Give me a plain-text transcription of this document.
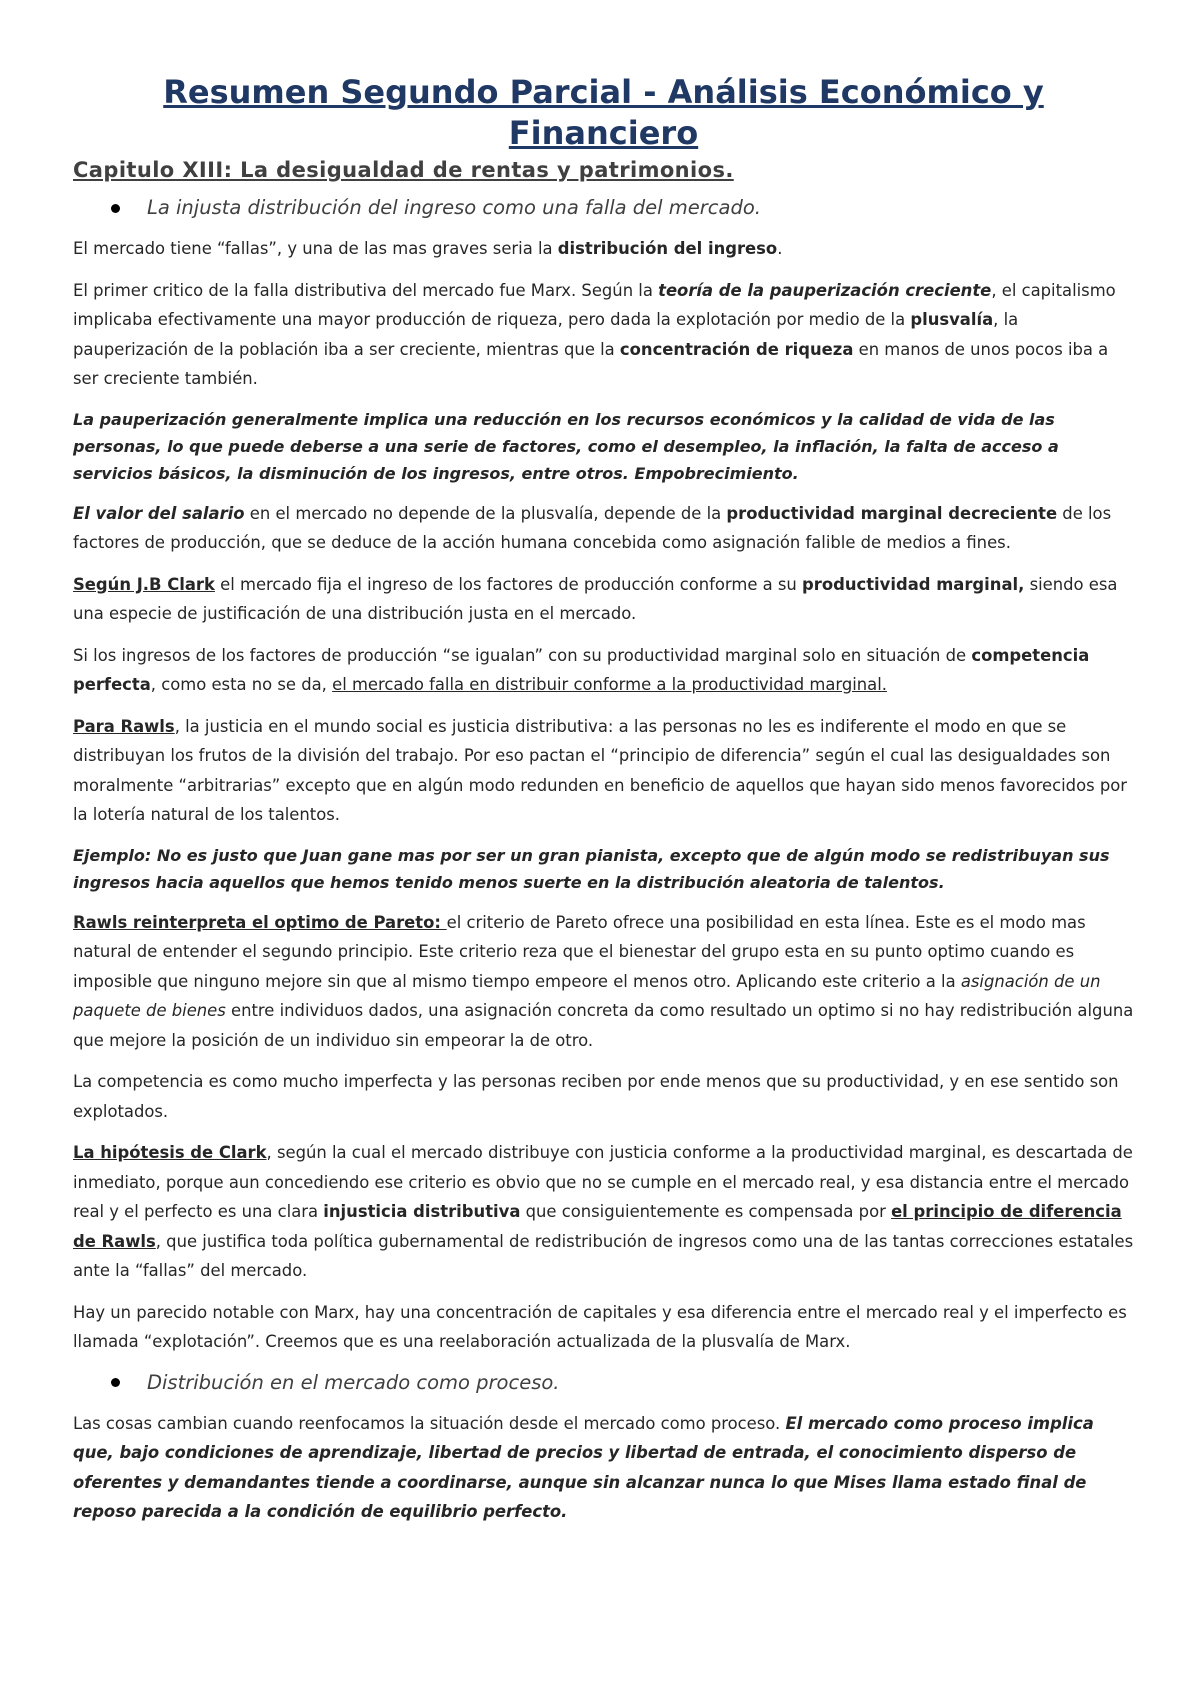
Resumen Segundo Parcial - Análisis Económico y Financiero
Capitulo XIII: La desigualdad de rentas y patrimonios.
La injusta distribución del ingreso como una falla del mercado.

El mercado tiene “fallas”, y una de las mas graves seria la distribución del ingreso.

El primer critico de la falla distributiva del mercado fue Marx. Según la teoría de la pauperización creciente, el capitalismo implicaba efectivamente una mayor producción de riqueza, pero dada la explotación por medio de la plusvalía, la pauperización de la población iba a ser creciente, mientras que la concentración de riqueza en manos de unos pocos iba a ser creciente también.

La pauperización generalmente implica una reducción en los recursos económicos y la calidad de vida de las personas, lo que puede deberse a una serie de factores, como el desempleo, la inflación, la falta de acceso a servicios básicos, la disminución de los ingresos, entre otros. Empobrecimiento.

El valor del salario en el mercado no depende de la plusvalía, depende de la productividad marginal decreciente de los factores de producción, que se deduce de la acción humana concebida como asignación falible de medios a fines.

Según J.B Clark el mercado fija el ingreso de los factores de producción conforme a su productividad marginal, siendo esa una especie de justificación de una distribución justa en el mercado.

Si los ingresos de los factores de producción “se igualan” con su productividad marginal solo en situación de competencia perfecta, como esta no se da, el mercado falla en distribuir conforme a la productividad marginal.

Para Rawls, la justicia en el mundo social es justicia distributiva: a las personas no les es indiferente el modo en que se distribuyan los frutos de la división del trabajo. Por eso pactan el “principio de diferencia” según el cual las desigualdades son moralmente “arbitrarias” excepto que en algún modo redunden en beneficio de aquellos que hayan sido menos favorecidos por la lotería natural de los talentos.

Ejemplo: No es justo que Juan gane mas por ser un gran pianista, excepto que de algún modo se redistribuyan sus ingresos hacia aquellos que hemos tenido menos suerte en la distribución aleatoria de talentos.

Rawls reinterpreta el optimo de Pareto: el criterio de Pareto ofrece una posibilidad en esta línea. Este es el modo mas natural de entender el segundo principio. Este criterio reza que el bienestar del grupo esta en su punto optimo cuando es imposible que ninguno mejore sin que al mismo tiempo empeore el menos otro. Aplicando este criterio a la asignación de un paquete de bienes entre individuos dados, una asignación concreta da como resultado un optimo si no hay redistribución alguna que mejore la posición de un individuo sin empeorar la de otro.

La competencia es como mucho imperfecta y las personas reciben por ende menos que su productividad, y en ese sentido son explotados.

La hipótesis de Clark, según la cual el mercado distribuye con justicia conforme a la productividad marginal, es descartada de inmediato, porque aun concediendo ese criterio es obvio que no se cumple en el mercado real, y esa distancia entre el mercado real y el perfecto es una clara injusticia distributiva que consiguientemente es compensada por el principio de diferencia de Rawls, que justifica toda política gubernamental de redistribución de ingresos como una de las tantas correcciones estatales ante la “fallas” del mercado.

Hay un parecido notable con Marx, hay una concentración de capitales y esa diferencia entre el mercado real y el imperfecto es llamada “explotación”. Creemos que es una reelaboración actualizada de la plusvalía de Marx.

Distribución en el mercado como proceso.

Las cosas cambian cuando reenfocamos la situación desde el mercado como proceso. El mercado como proceso implica que, bajo condiciones de aprendizaje, libertad de precios y libertad de entrada, el conocimiento disperso de oferentes y demandantes tiende a coordinarse, aunque sin alcanzar nunca lo que Mises llama estado final de reposo parecida a la condición de equilibrio perfecto.
